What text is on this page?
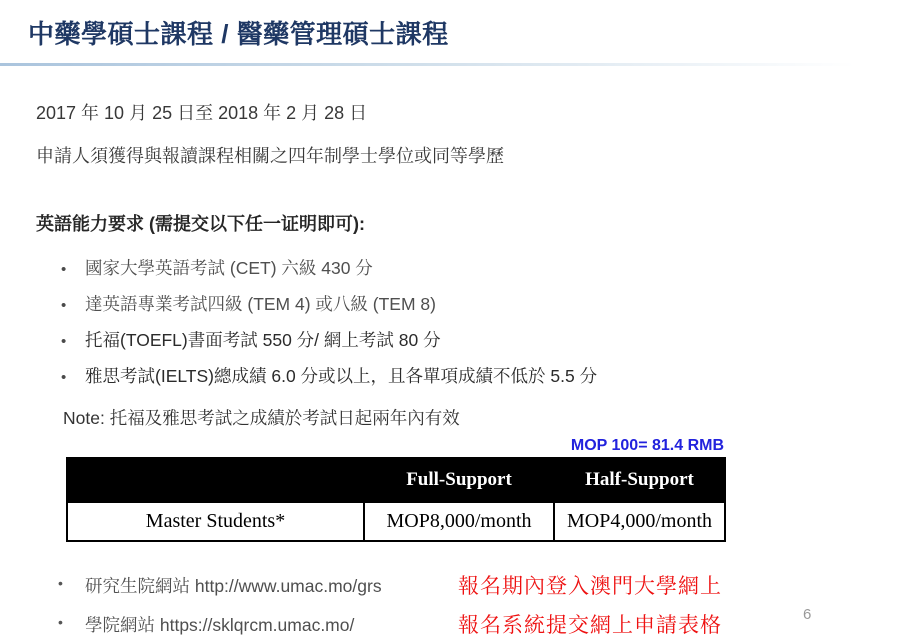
中藥學碩士課程 / 醫藥管理碩士課程
2017 年 10 月 25 日至 2018 年 2 月 28 日
申請人須獲得與報讀課程相關之四年制學士學位或同等學歷
英語能力要求 (需提交以下任一证明即可):
• 國家大學英語考試 (CET) 六級 430 分
• 達英語專業考試四級 (TEM 4) 或八級 (TEM 8)
• 托福(TOEFL)書面考試 550 分/ 網上考試 80 分
• 雅思考試(IELTS)總成績 6.0 分或以上，且各單項成績不低於 5.5 分
Note: 托福及雅思考試之成績於考試日起兩年內有效
MOP 100= 81.4 RMB
	Full-Support	Half-Support
Master Students*	MOP8,000/month	MOP4,000/month
• 研究生院網站 http://www.umac.mo/grs	報名期內登入澳門大學網上
• 學院網站 https://sklqrcm.umac.mo/	報名系統提交網上申請表格	6
